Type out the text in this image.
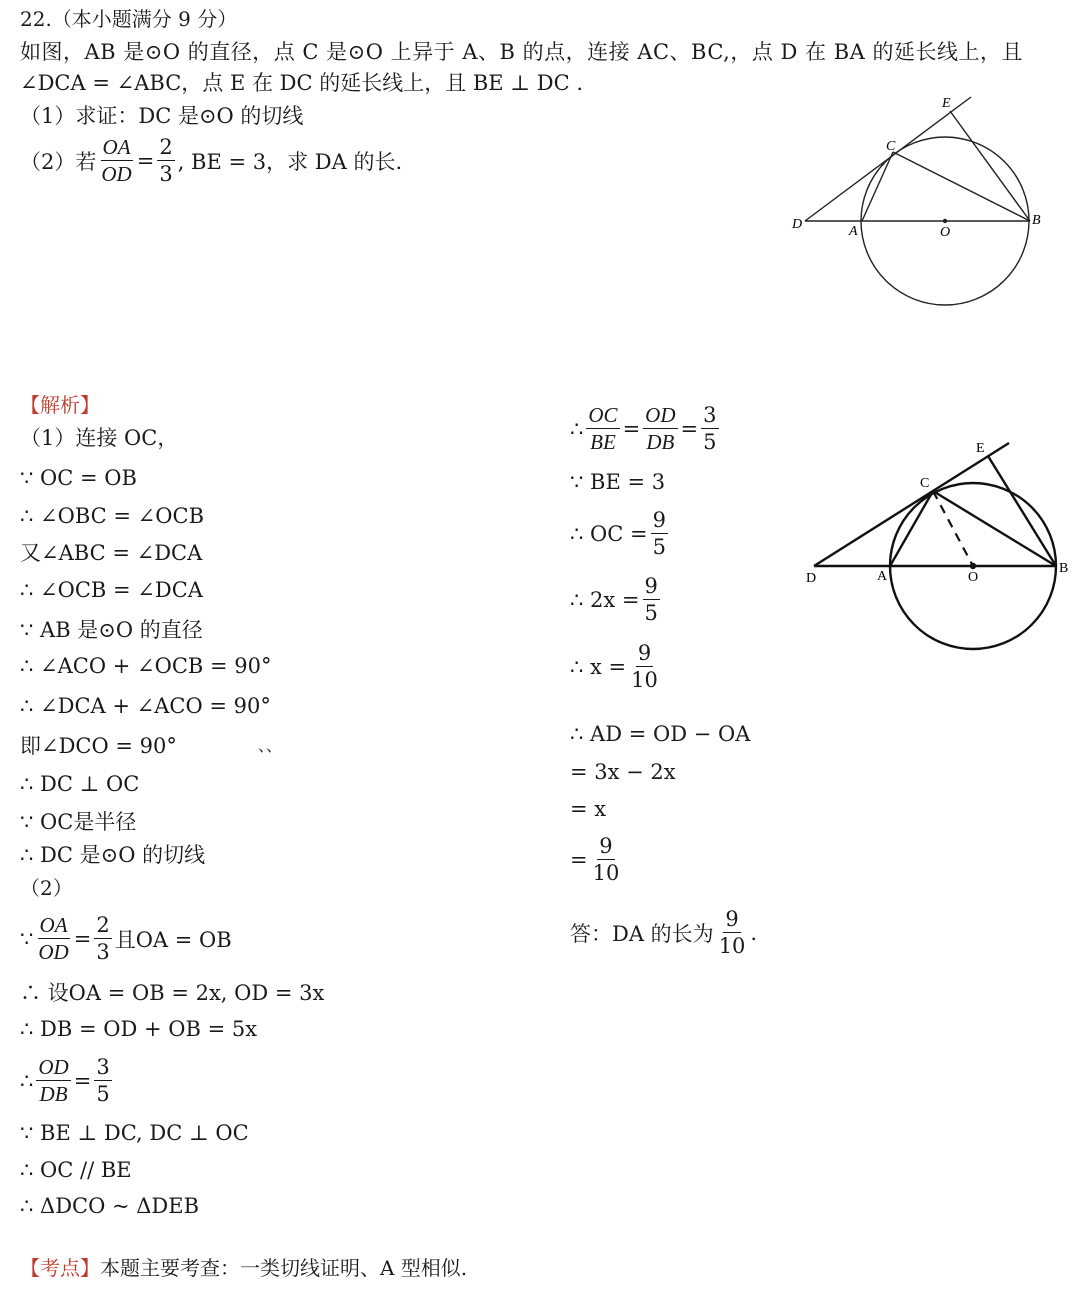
22.（本小题满分 9 分）
如图，AB 是⊙O 的直径，点 C 是⊙O 上异于 A、B 的点，连接 AC、BC,，点 D 在 BA 的延长线上，且
∠DCA = ∠ABC，点 E 在 DC 的延长线上，且 BE ⊥ DC .
（1）求证：DC 是⊙O 的切线
（2）若 $\frac{OA}{OD} = \frac{2}{3}$ , BE = 3，求 DA 的长.
D	A	O
B
C
E
【解析】
（1）连接 OC，
∵ OC = OB
∴ ∠OBC = ∠OCB
又∠ABC = ∠DCA
∴ ∠OCB = ∠DCA
∵ AB 是⊙O 的直径
∴ ∠ACO + ∠OCB = 90°
∴ ∠DCA + ∠ACO = 90°
即∠DCO = 90°	、、
∴ DC ⊥ OC
∵ OC是半径
∴ DC 是⊙O 的切线
（2）
∵ $\frac{OA}{OD} = \frac{2}{3}$ 且OA = OB
∴ 设OA = OB = 2x, OD = 3x
∴ DB = OD + OB = 5x
∴ $\frac{OD}{DB} = \frac{3}{5}$
∵ BE ⊥ DC, DC ⊥ OC
∴ OC // BE
∴ ΔDCO ~ ΔDEB
∴ $\frac{OC}{BE} = \frac{OD}{DB} = \frac{3}{5}$
∵ BE = 3
∴ OC = $\frac{9}{5}$
∴ $2x = \frac{9}{5}$
∴ $x = \frac{9}{10}$
∴ AD = OD − OA
= 3x − 2x
= x
= $\frac{9}{10}$
答：DA 的长为 $\frac{9}{10}$ .
D	A	O
B
C
E
【考点】本题主要考查：一类切线证明、A 型相似.
